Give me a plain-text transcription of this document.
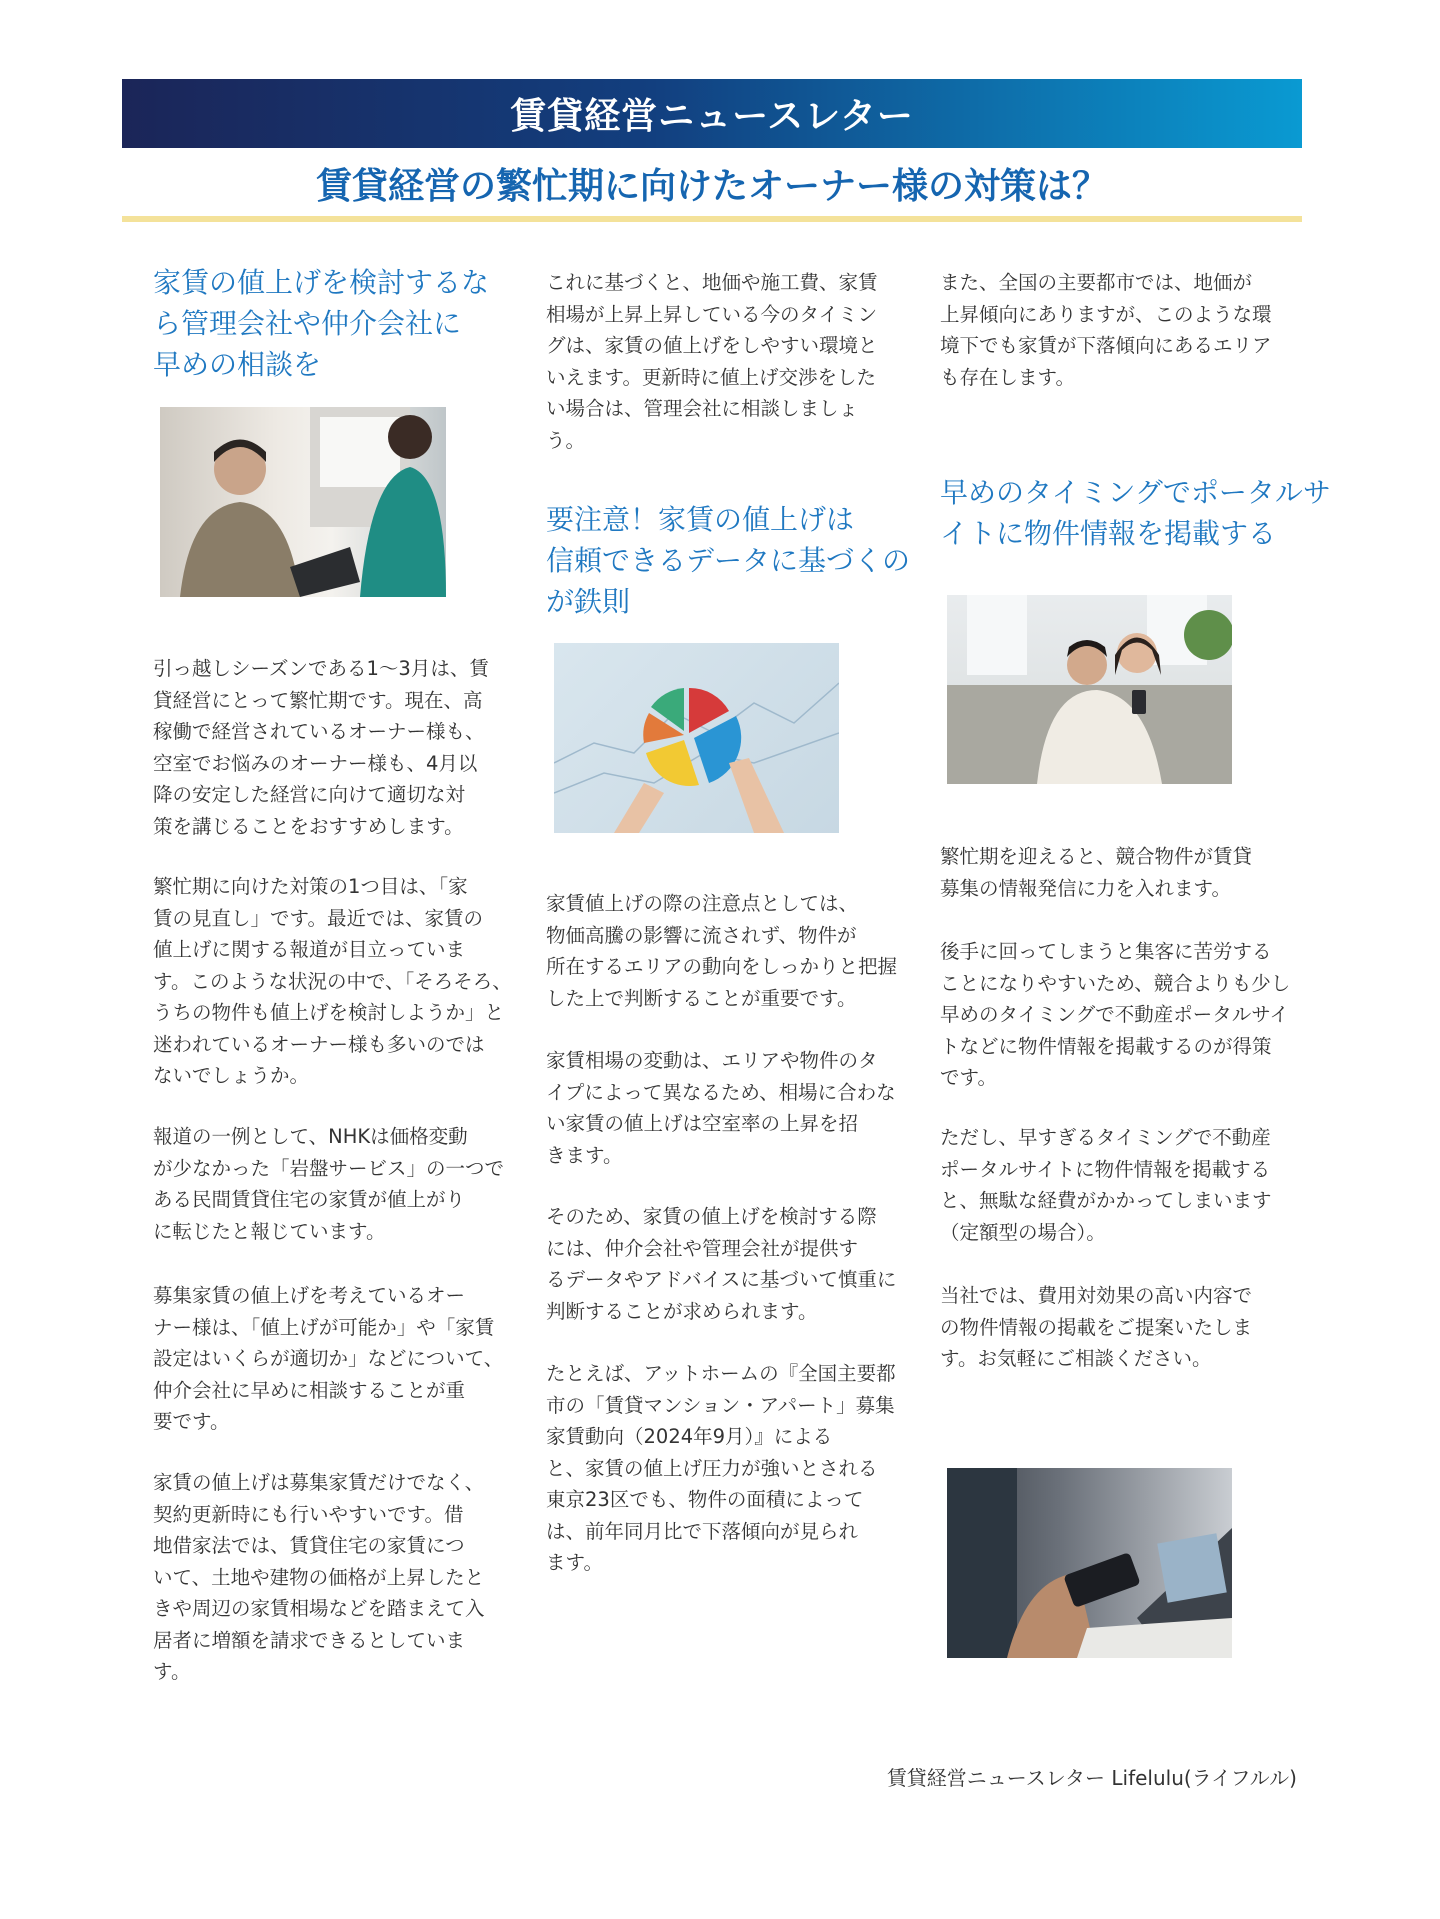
賃貸経営ニュースレター
賃貸経営の繁忙期に向けたオーナー様の対策は？
家賃の値上げを検討するな
ら管理会社や仲介会社に
早めの相談を
引っ越しシーズンである1～3月は、賃
貸経営にとって繁忙期です。現在、高
稼働で経営されているオーナー様も、
空室でお悩みのオーナー様も、4月以
降の安定した経営に向けて適切な対
策を講じることをおすすめします。
繁忙期に向けた対策の1つ目は、「家
賃の見直し」です。最近では、家賃の
値上げに関する報道が目立っていま
す。このような状況の中で、「そろそろ、
うちの物件も値上げを検討しようか」と
迷われているオーナー様も多いのでは
ないでしょうか。
報道の一例として、NHKは価格変動
が少なかった「岩盤サービス」の一つで
ある民間賃貸住宅の家賃が値上がり
に転じたと報じています。
募集家賃の値上げを考えているオー
ナー様は、「値上げが可能か」や「家賃
設定はいくらが適切か」などについて、
仲介会社に早めに相談することが重
要です。
家賃の値上げは募集家賃だけでなく、
契約更新時にも行いやすいです。借
地借家法では、賃貸住宅の家賃につ
いて、土地や建物の価格が上昇したと
きや周辺の家賃相場などを踏まえて入
居者に増額を請求できるとしていま
す。
これに基づくと、地価や施工費、家賃
相場が上昇上昇している今のタイミン
グは、家賃の値上げをしやすい環境と
いえます。更新時に値上げ交渉をした
い場合は、管理会社に相談しましょ
う。
要注意！家賃の値上げは
信頼できるデータに基づくの
が鉄則
家賃値上げの際の注意点としては、
物価高騰の影響に流されず、物件が
所在するエリアの動向をしっかりと把握
した上で判断することが重要です。
家賃相場の変動は、エリアや物件のタ
イプによって異なるため、相場に合わな
い家賃の値上げは空室率の上昇を招
きます。
そのため、家賃の値上げを検討する際
には、仲介会社や管理会社が提供す
るデータやアドバイスに基づいて慎重に
判断することが求められます。
たとえば、アットホームの『全国主要都
市の「賃貸マンション・アパート」募集
家賃動向（2024年9月）』による
と、家賃の値上げ圧力が強いとされる
東京23区でも、物件の面積によって
は、前年同月比で下落傾向が見られ
ます。
また、全国の主要都市では、地価が
上昇傾向にありますが、このような環
境下でも家賃が下落傾向にあるエリア
も存在します。
早めのタイミングでポータルサ
イトに物件情報を掲載する
繁忙期を迎えると、競合物件が賃貸
募集の情報発信に力を入れます。
後手に回ってしまうと集客に苦労する
ことになりやすいため、競合よりも少し
早めのタイミングで不動産ポータルサイ
トなどに物件情報を掲載するのが得策
です。
ただし、早すぎるタイミングで不動産
ポータルサイトに物件情報を掲載する
と、無駄な経費がかかってしまいます
（定額型の場合）。
当社では、費用対効果の高い内容で
の物件情報の掲載をご提案いたしま
す。お気軽にご相談ください。
賃貸経営ニュースレター Lifelulu(ライフルル)
